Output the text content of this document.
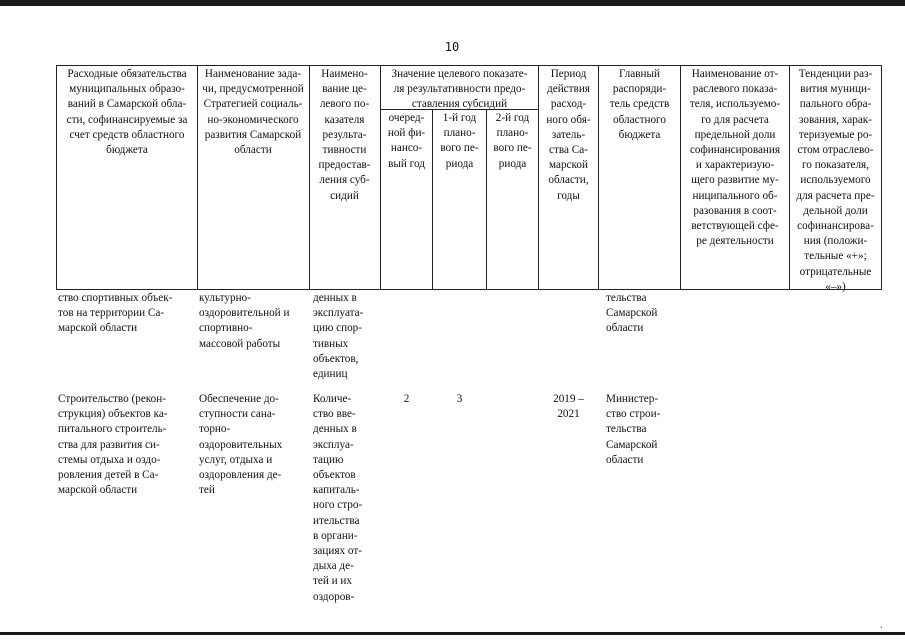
10
Расходные обязательства
муниципальных образо-
ваний в Самарской обла-
сти, софинансируемые за
счет средств областного
бюджета
Наименование зада-
чи, предусмотренной
Стратегией социаль-
но-экономического
развития Самарской
области
Наимено-
вание це-
левого по-
казателя
результа-
тивности
предостав-
ления суб-
сидий
Значение целевого показате-
ля результативности предо-
ставления субсидий
очеред-
ной фи-
нансо-
вый год
1-й год
плано-
вого пе-
риода
2-й год
плано-
вого пе-
риода
Период
действия
расход-
ного обя-
затель-
ства Са-
марской
области,
годы
Главный
распоряди-
тель средств
областного
бюджета
Наименование от-
раслевого показа-
теля, используемо-
го для расчета
предельной доли
софинансирования
и характеризую-
щего развитие му-
ниципального об-
разования в соот-
ветствующей сфе-
ре деятельности
Тенденции раз-
вития муници-
пального обра-
зования, харак-
теризуемые ро-
стом отраслево-
го показателя,
используемого
для расчета пре-
дельной доли
софинансирова-
ния (положи-
тельные «+»;
отрицательные
«–»)
ство спортивных объек-
тов на территории Са-
марской области
культурно-
оздоровительной и
спортивно-
массовой работы
денных в
эксплуата-
цию спор-
тивных
объектов,
единиц
тельства
Самарской
области
Строительство (рекон-
струкция) объектов ка-
питального строитель-
ства для развития си-
стемы отдыха и оздо-
ровления детей в Са-
марской области
Обеспечение до-
ступности сана-
торно-
оздоровительных
услуг, отдыха и
оздоровления де-
тей
Количе-
ство вве-
денных в
эксплуа-
тацию
объектов
капиталь-
ного стро-
ительства
в органи-
зациях от-
дыха де-
тей и их
оздоров-
2	3	2019 –
2021
Министер-
ство строи-
тельства
Самарской
области
.
